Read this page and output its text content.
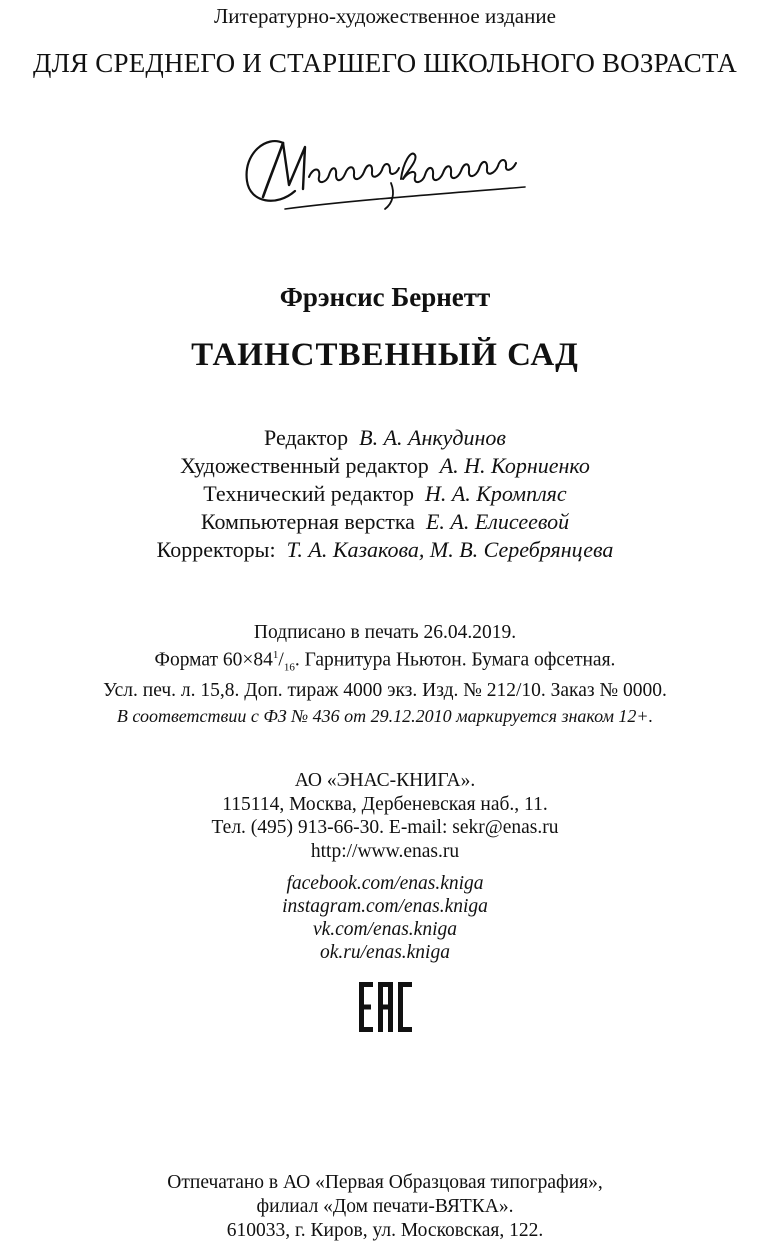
Литературно-художественное издание
ДЛЯ СРЕДНЕГО И СТАРШЕГО ШКОЛЬНОГО ВОЗРАСТА
Фрэнсис Бернетт
ТАИНСТВЕННЫЙ САД
Редактор В. А. Анкудинов
Художественный редактор А. Н. Корниенко
Технический редактор Н. А. Кромпляс
Компьютерная верстка Е. А. Елисеевой
Корректоры: Т. А. Казакова, М. В. Серебрянцева
Подписано в печать 26.04.2019.
Формат $60\times 84^1/_{16}$. Гарнитура Ньютон. Бумага офсетная.
Усл. печ. л. 15,8. Доп. тираж 4000 экз. Изд. № 212/10. Заказ № 0000.
В соответствии с ФЗ № 436 от 29.12.2010 маркируется знаком 12+.
АО «ЭНАС-КНИГА».
115114, Москва, Дербеневская наб., 11.
Тел. (495) 913-66-30. E-mail: sekr@enas.ru
http://www.enas.ru
facebook.com/enas.kniga
instagram.com/enas.kniga
vk.com/enas.kniga
ok.ru/enas.kniga
Отпечатано в АО «Первая Образцовая типография»,
филиал «Дом печати-ВЯТКА».
610033, г. Киров, ул. Московская, 122.
